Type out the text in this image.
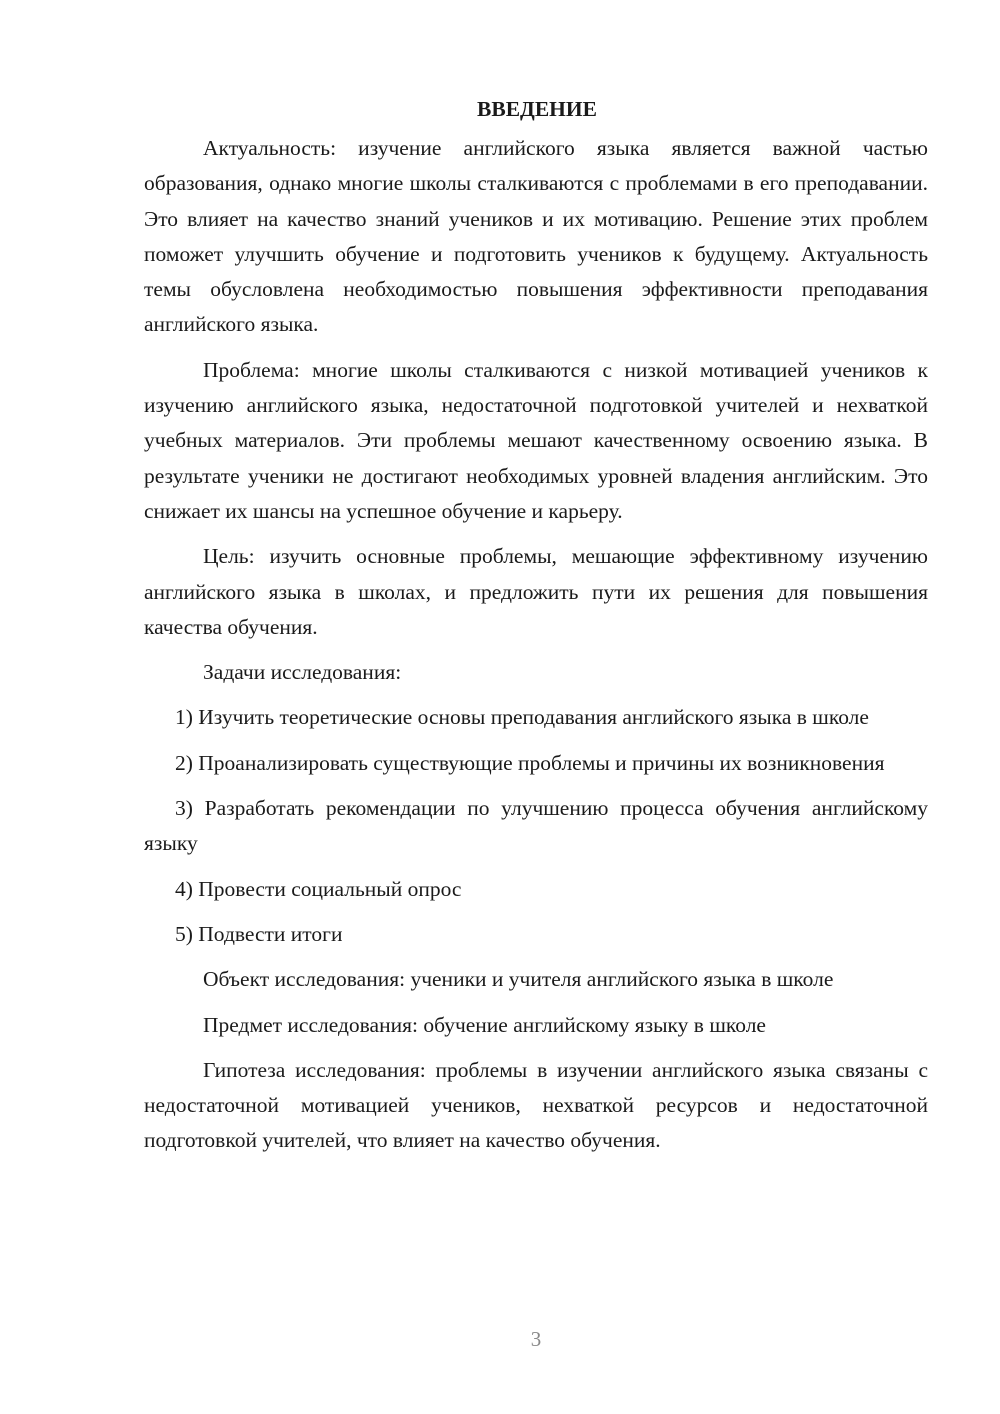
ВВЕДЕНИЕ

Актуальность: изучение английского языка является важной частью образования, однако многие школы сталкиваются с проблемами в его преподавании. Это влияет на качество знаний учеников и их мотивацию. Решение этих проблем поможет улучшить обучение и подготовить учеников к будущему. Актуальность темы обусловлена необходимостью повышения эффективности преподавания английского языка.

Проблема: многие школы сталкиваются с низкой мотивацией учеников к изучению английского языка, недостаточной подготовкой учителей и нехваткой учебных материалов. Эти проблемы мешают качественному освоению языка. В результате ученики не достигают необходимых уровней владения английским. Это снижает их шансы на успешное обучение и карьеру.

Цель: изучить основные проблемы, мешающие эффективному изучению английского языка в школах, и предложить пути их решения для повышения качества обучения.

Задачи исследования:

1) Изучить теоретические основы преподавания английского языка в школе

2) Проанализировать существующие проблемы и причины их возникновения

3) Разработать рекомендации по улучшению процесса обучения английскому языку

4) Провести социальный опрос

5) Подвести итоги

Объект исследования: ученики и учителя английского языка в школе

Предмет исследования: обучение английскому языку в школе

Гипотеза исследования: проблемы в изучении английского языка связаны с недостаточной мотивацией учеников, нехваткой ресурсов и недостаточной подготовкой учителей, что влияет на качество обучения.

3
